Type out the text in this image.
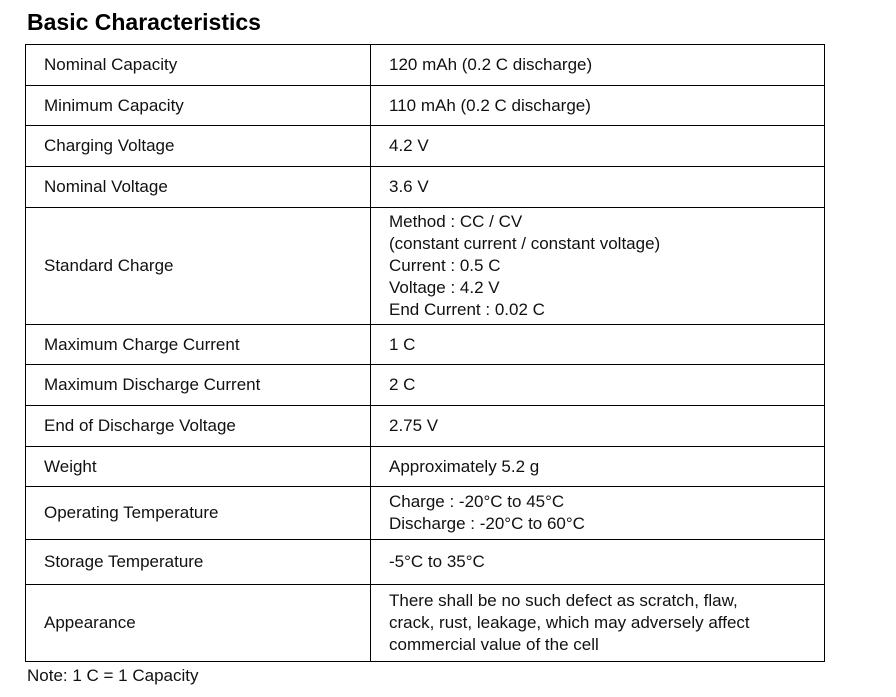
Basic Characteristics
Nominal Capacity	120 mAh (0.2 C discharge)

Minimum Capacity	110 mAh (0.2 C discharge)

Charging Voltage	4.2 V

Nominal Voltage	3.6 V

Standard Charge	Method : CC / CV
(constant current / constant voltage)
Current : 0.5 C
Voltage : 4.2 V
End Current : 0.02 C

Maximum Charge Current	1 C

Maximum Discharge Current	2 C

End of Discharge Voltage	2.75 V

Weight	Approximately 5.2 g

Operating Temperature	Charge : -20°C to 45°C
Discharge : -20°C to 60°C

Storage Temperature	-5°C to 35°C

Appearance	There shall be no such defect as scratch, flaw,
crack, rust, leakage, which may adversely affect
commercial value of the cell
Note: 1 C = 1 Capacity
